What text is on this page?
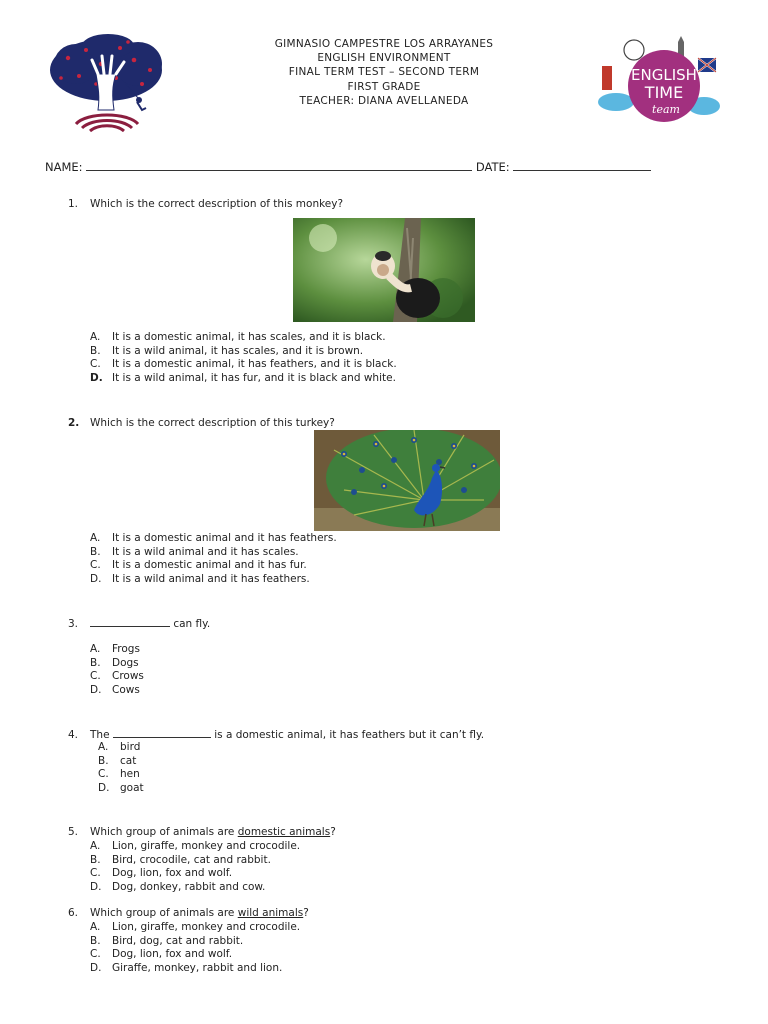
GIMNASIO CAMPESTRE LOS ARRAYANES
ENGLISH ENVIRONMENT
FINAL TERM TEST – SECOND TERM
FIRST GRADE
TEACHER: DIANA AVELLANEDA
ENGLISH
TIME
team
NAME:	DATE:
1. Which is the correct description of this monkey?
A. It is a domestic animal, it has scales, and it is black.
B. It is a wild animal, it has scales, and it is brown.
C. It is a domestic animal, it has feathers, and it is black.
D. It is a wild animal, it has fur, and it is black and white.
2. Which is the correct description of this turkey?
A. It is a domestic animal and it has feathers.
B. It is a wild animal and it has scales.
C. It is a domestic animal and it has fur.
D. It is a wild animal and it has feathers.
3.	can fly.
A. Frogs
B. Dogs
C. Crows
D. Cows
4. The	is a domestic animal, it has feathers but it can’t fly.
A. bird
B. cat
C. hen
D. goat
5. Which group of animals are domestic animals?
A. Lion, giraffe, monkey and crocodile.
B. Bird, crocodile, cat and rabbit.
C. Dog, lion, fox and wolf.
D. Dog, donkey, rabbit and cow.
6. Which group of animals are wild animals?
A. Lion, giraffe, monkey and crocodile.
B. Bird, dog, cat and rabbit.
C. Dog, lion, fox and wolf.
D. Giraffe, monkey, rabbit and lion.
